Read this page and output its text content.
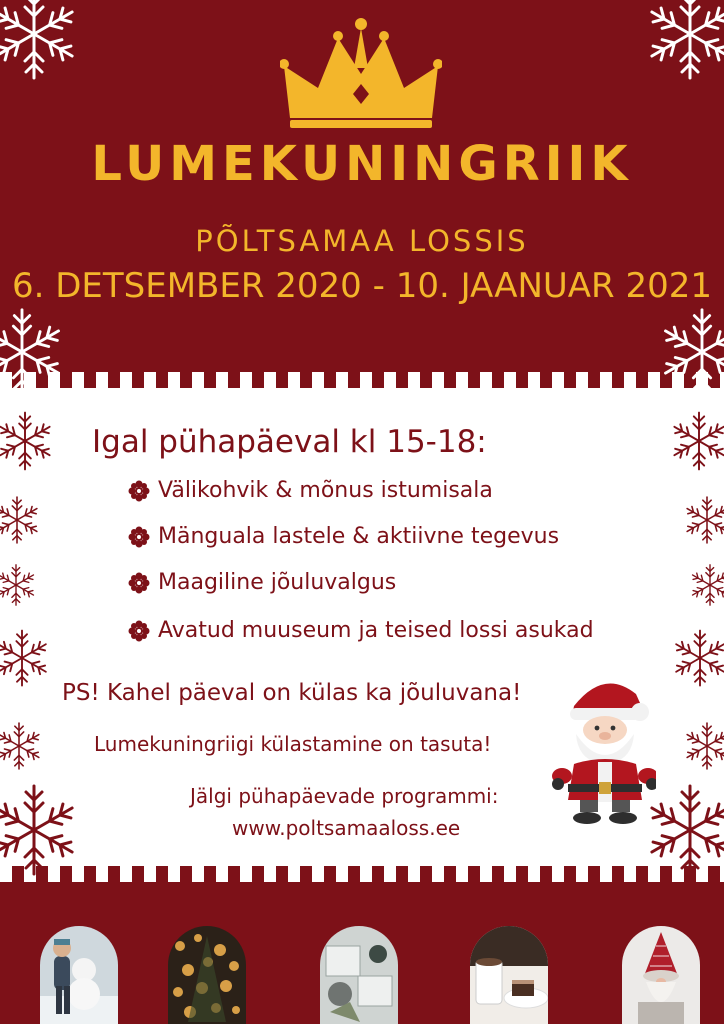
LUMEKUNINGRIIK
PÕLTSAMAA LOSSIS
6. DETSEMBER 2020 - 10. JAANUAR 2021
Igal pühapäeval kl 15-18:
Välikohvik & mõnus istumisala
Mänguala lastele & aktiivne tegevus
Maagiline jõuluvalgus
Avatud muuseum ja teised lossi asukad
PS! Kahel päeval on külas ka jõuluvana!
Lumekuningriigi külastamine on tasuta!
Jälgi pühapäevade programmi:
www.poltsamaaloss.ee
